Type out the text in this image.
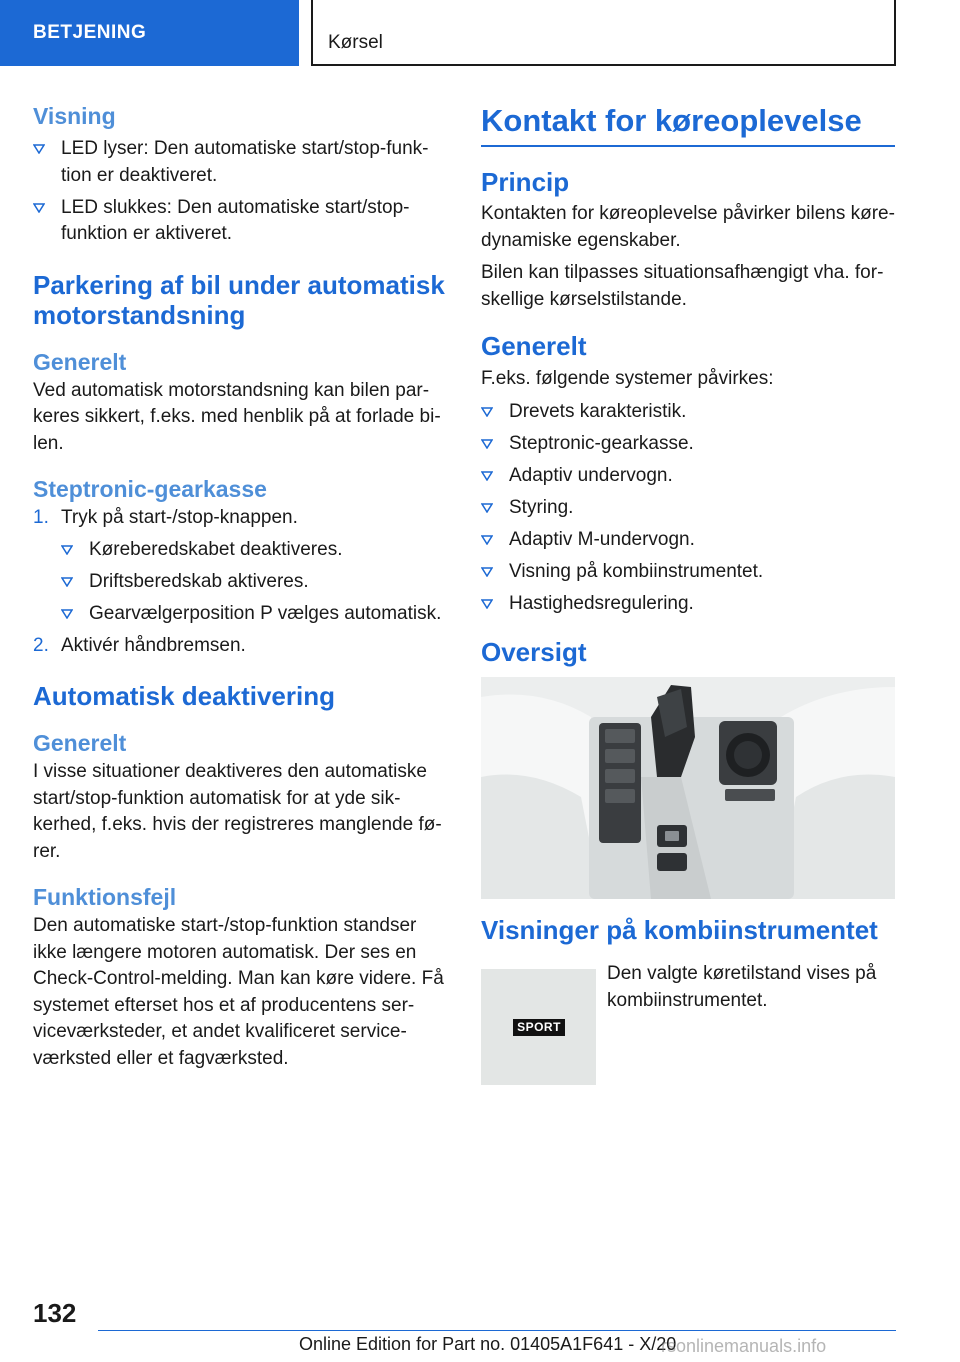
BETJENING	Kørsel
Visning
LED lyser: Den automatiske start/stop-funktion er deaktiveret.
LED slukkes: Den automatiske start/stop-funktion er aktiveret.
Parkering af bil under automatisk motorstandsning
Generelt

Ved automatisk motorstandsning kan bilen parkeres sikkert, f.eks. med henblik på at forlade bilen.

Steptronic-gearkasse
1. Tryk på start-/stop-knappen.
Køreberedskabet deaktiveres.
Driftsberedskab aktiveres.
Gearvælgerposition P vælges automatisk.
2. Aktivér håndbremsen.
Automatisk deaktivering
Generelt

I visse situationer deaktiveres den automatiske start/stop-funktion automatisk for at yde sikkerhed, f.eks. hvis der registreres manglende fører.

Funktionsfejl

Den automatiske start-/stop-funktion standser ikke længere motoren automatisk. Der ses en Check-Control-melding. Man kan køre videre. Få systemet efterset hos et af producentens serviceværksteder, et andet kvalificeret serviceværksted eller et fagværksted.

Kontakt for køreoplevelse
Princip

Kontakten for køreoplevelse påvirker bilens køredynamiske egenskaber.

Bilen kan tilpasses situationsafhængigt vha. forskellige kørselstilstande.

Generelt

F.eks. følgende systemer påvirkes:

Drevets karakteristik.
Steptronic-gearkasse.
Adaptiv undervogn.
Styring.
Adaptiv M-undervogn.
Visning på kombiinstrumentet.
Hastighedsregulering.
Oversigt
Visninger på kombiinstrumentet
SPORT

Den valgte køretilstand vises på kombiinstrumentet.

132
Online Edition for Part no. 01405A1F641 - X/20
rsonlinemanuals.info
